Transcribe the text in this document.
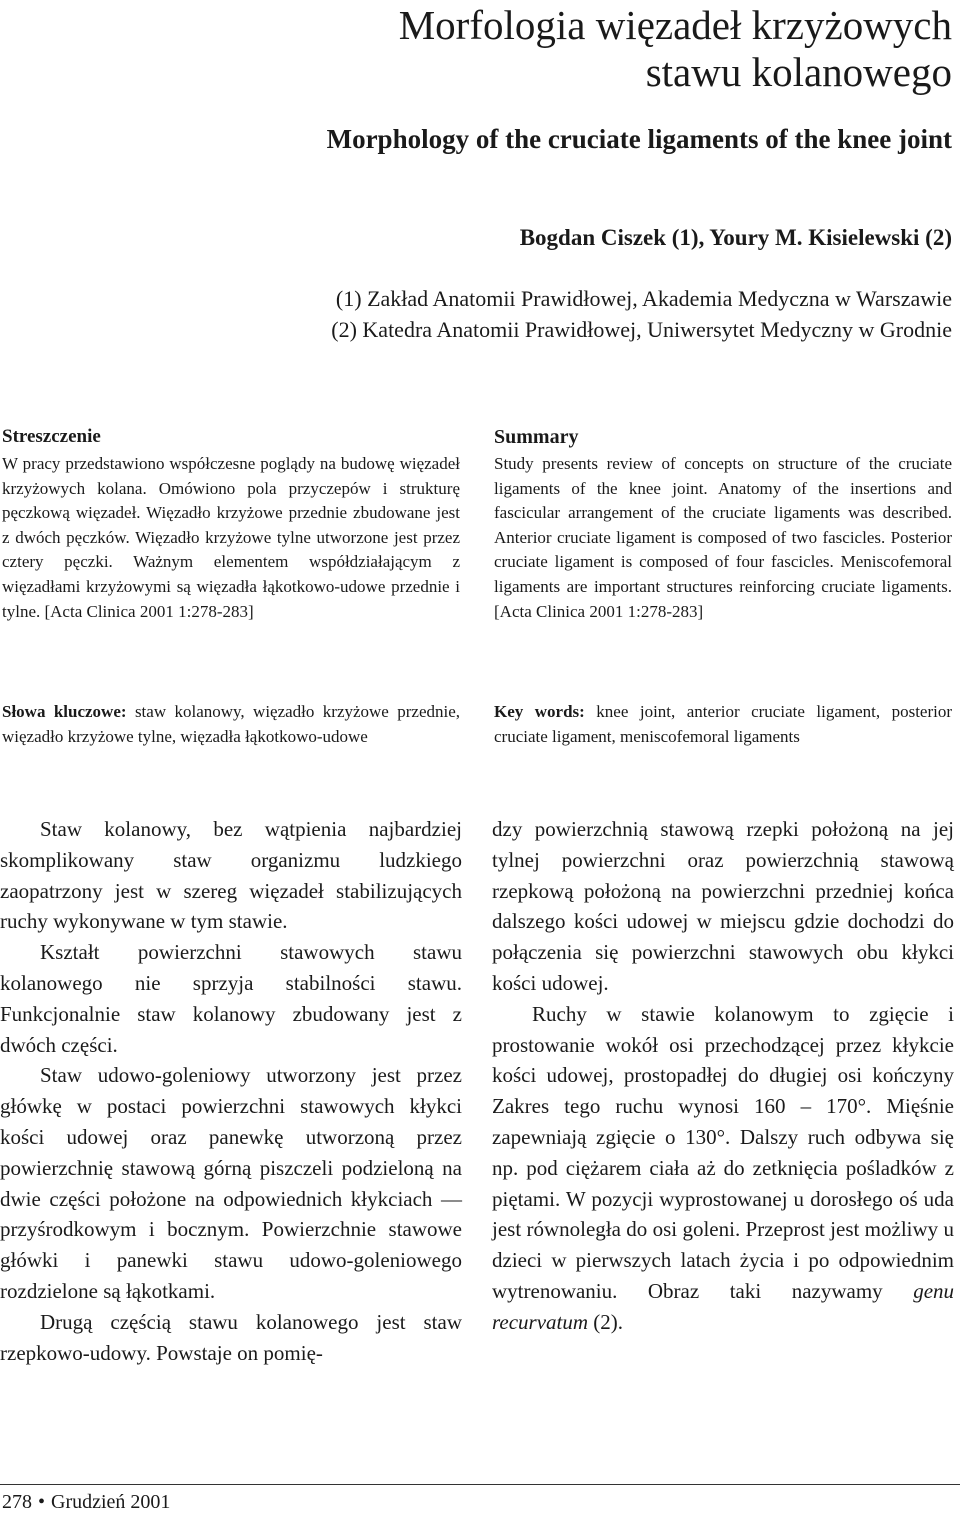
Morfologia więzadeł krzyżowych
stawu kolanowego
Morphology of the cruciate ligaments of the knee joint
Bogdan Ciszek (1), Youry M. Kisielewski (2)
(1) Zakład Anatomii Prawidłowej, Akademia Medyczna w Warszawie
(2) Katedra Anatomii Prawidłowej, Uniwersytet Medyczny w Grodnie
Streszczenie

W pracy przedstawiono współczesne poglądy na budowę więzadeł krzyżowych kolana. Omówiono pola przyczepów i strukturę pęczkową więzadeł. Więzadło krzyżowe przednie zbudowane jest z dwóch pęczków. Więzadło krzyżowe tylne utworzone jest przez cztery pęczki. Ważnym elementem współdziałającym z więzadłami krzyżowymi są więzadła łąkotkowo-udowe przednie i tylne. [Acta Clinica 2001 1:278-283]

Summary

Study presents review of concepts on structure of the cruciate ligaments of the knee joint. Anatomy of the insertions and fascicular arrangement of the cruciate ligaments was described. Anterior cruciate ligament is composed of two fascicles. Posterior cruciate ligament is composed of four fascicles. Meniscofemoral ligaments are important structures reinforcing cruciate ligaments. [Acta Clinica 2001 1:278-283]

Słowa kluczowe: staw kolanowy, więzadło krzyżowe przednie, więzadło krzyżowe tylne, więzadła łąkotkowo-udowe
Key words: knee joint, anterior cruciate ligament, posterior cruciate ligament, meniscofemoral ligaments

Staw kolanowy, bez wątpienia najbardziej skomplikowany staw organizmu ludzkiego zaopatrzony jest w szereg więzadeł stabilizujących ruchy wykonywane w tym stawie.

Kształt powierzchni stawowych stawu kolanowego nie sprzyja stabilności stawu. Funkcjonalnie staw kolanowy zbudowany jest z dwóch części.

Staw udowo-goleniowy utworzony jest przez główkę w postaci powierzchni stawowych kłykci kości udowej oraz panewkę utworzoną przez powierzchnię stawową górną piszczeli podzieloną na dwie części położone na odpowiednich kłykciach — przyśrodkowym i bocznym. Powierzchnie stawowe główki i panewki stawu udowo-goleniowego rozdzielone są łąkotkami.

Drugą częścią stawu kolanowego jest staw rzepkowo-udowy. Powstaje on pomię-

dzy powierzchnią stawową rzepki położoną na jej tylnej powierzchni oraz powierzchnią stawową rzepkową położoną na powierzchni przedniej końca dalszego kości udowej w miejscu gdzie dochodzi do połączenia się powierzchni stawowych obu kłykci kości udowej.

Ruchy w stawie kolanowym to zgięcie i prostowanie wokół osi przechodzącej przez kłykcie kości udowej, prostopadłej do długiej osi kończyny Zakres tego ruchu wynosi 160 – 170°. Mięśnie zapewniają zgięcie o 130°. Dalszy ruch odbywa się np. pod ciężarem ciała aż do zetknięcia pośladków z piętami. W pozycji wyprostowanej u dorosłego oś uda jest równoległa do osi goleni. Przeprost jest możliwy u dzieci w pierwszych latach życia i po odpowiednim wytrenowaniu. Obraz taki nazywamy genu recurvatum (2).

278 • Grudzień 2001
